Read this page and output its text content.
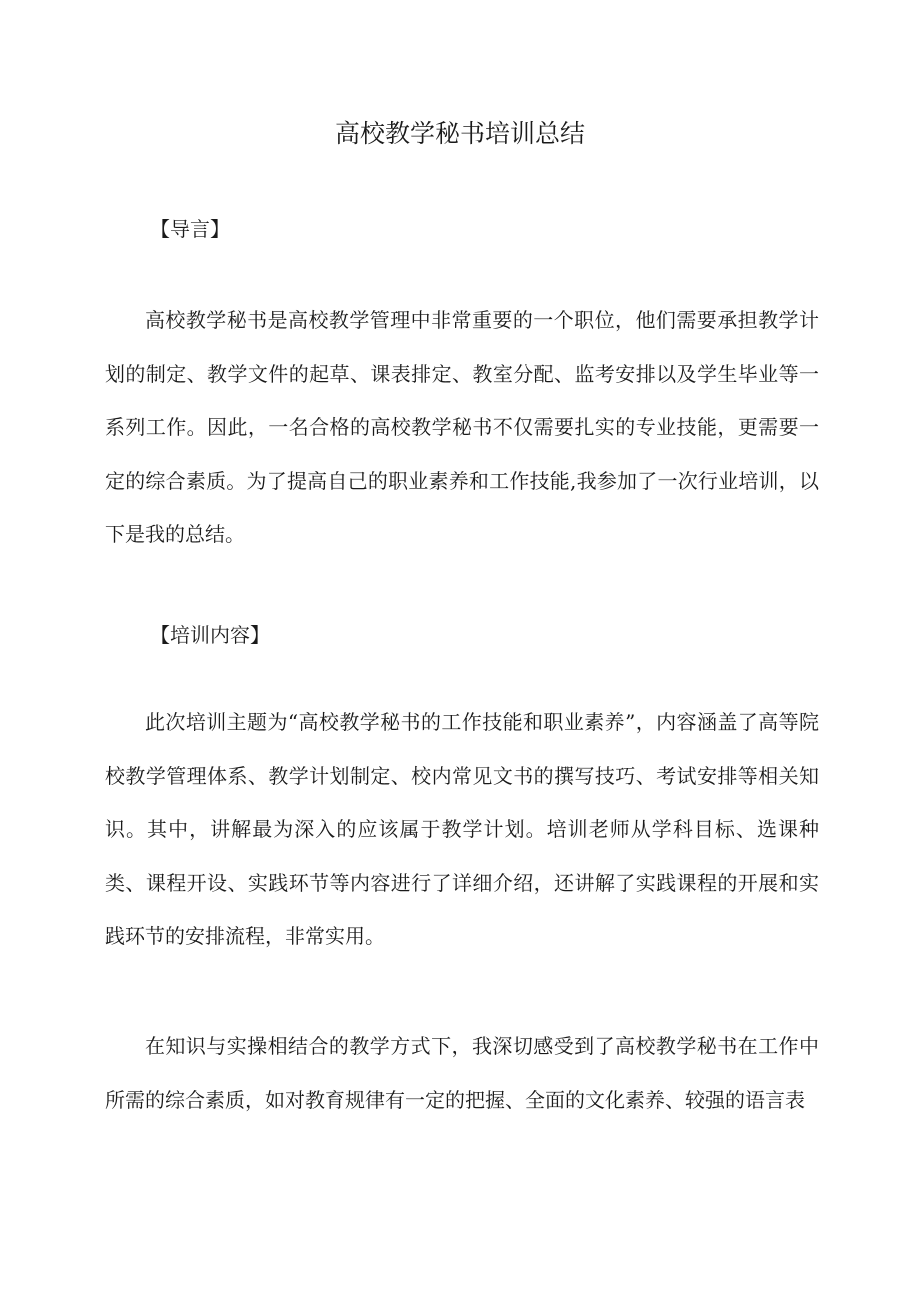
高校教学秘书培训总结
【导言】

高校教学秘书是高校教学管理中非常重要的一个职位，他们需要承担教学计划的制定、教学文件的起草、课表排定、教室分配、监考安排以及学生毕业等一系列工作。因此，一名合格的高校教学秘书不仅需要扎实的专业技能，更需要一定的综合素质。为了提高自己的职业素养和工作技能,我参加了一次行业培训，以下是我的总结。

【培训内容】

此次培训主题为“高校教学秘书的工作技能和职业素养”，内容涵盖了高等院校教学管理体系、教学计划制定、校内常见文书的撰写技巧、考试安排等相关知识。其中，讲解最为深入的应该属于教学计划。培训老师从学科目标、选课种类、课程开设、实践环节等内容进行了详细介绍，还讲解了实践课程的开展和实践环节的安排流程，非常实用。

在知识与实操相结合的教学方式下，我深切感受到了高校教学秘书在工作中所需的综合素质，如对教育规律有一定的把握、全面的文化素养、较强的语言表
